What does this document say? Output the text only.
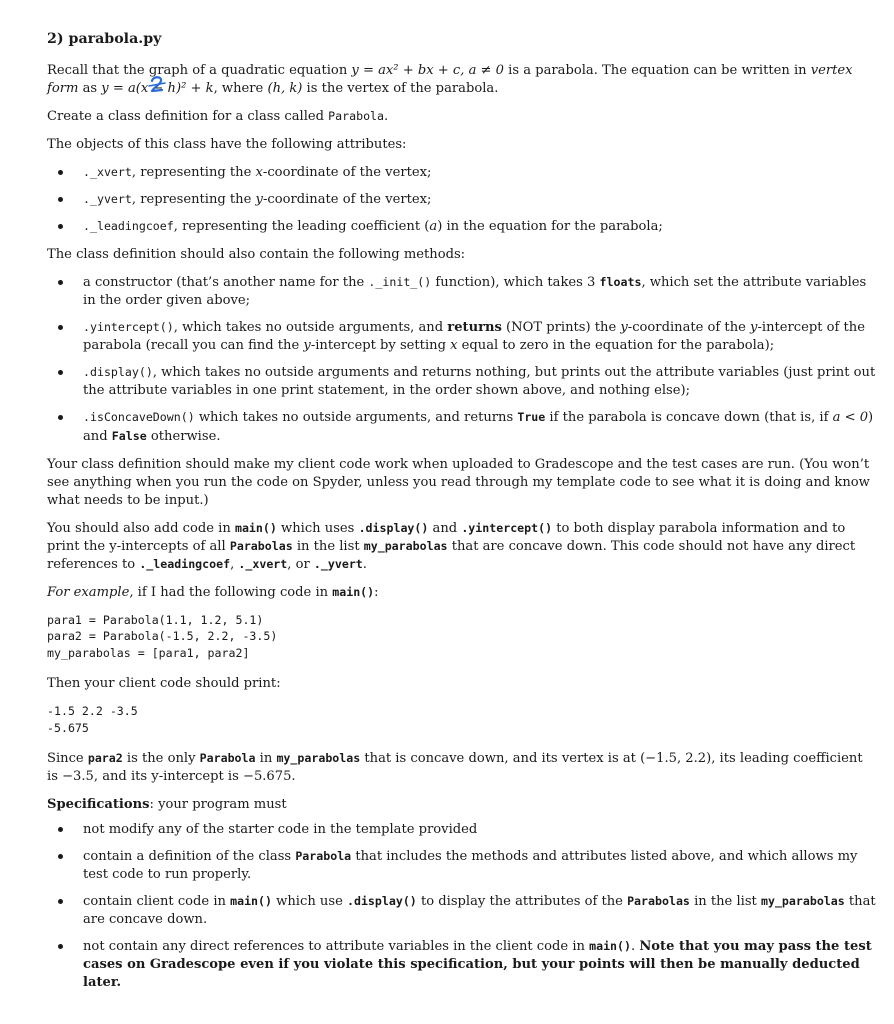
2) parabola.py

Recall that the graph of a quadratic equation y = ax² + bx + c, a ≠ 0 is a parabola. The equation can be written in vertex form as y = a(x − h)² + k, where (h, k) is the vertex of the parabola.

Create a class definition for a class called Parabola.

The objects of this class have the following attributes:

._xvert, representing the x-coordinate of the vertex;
._yvert, representing the y-coordinate of the vertex;
._leadingcoef, representing the leading coefficient (a) in the equation for the parabola;

The class definition should also contain the following methods:

a constructor (that’s another name for the ._init_() function), which takes 3 floats, which set the attribute variables in the order given above;
.yintercept(), which takes no outside arguments, and returns (NOT prints) the y-coordinate of the y-intercept of the parabola (recall you can find the y-intercept by setting x equal to zero in the equation for the parabola);
.display(), which takes no outside arguments and returns nothing, but prints out the attribute variables (just print out the attribute variables in one print statement, in the order shown above, and nothing else);
.isConcaveDown() which takes no outside arguments, and returns True if the parabola is concave down (that is, if a < 0) and False otherwise.

Your class definition should make my client code work when uploaded to Gradescope and the test cases are run. (You won’t see anything when you run the code on Spyder, unless you read through my template code to see what it is doing and know what needs to be input.)

You should also add code in main() which uses .display() and .yintercept() to both display parabola information and to print the y-intercepts of all Parabolas in the list my_parabolas that are concave down. This code should not have any direct references to ._leadingcoef, ._xvert, or ._yvert.

For example, if I had the following code in main():

para1 = Parabola(1.1, 1.2, 5.1)
para2 = Parabola(-1.5, 2.2, -3.5)
my_parabolas = [para1, para2]

Then your client code should print:

-1.5 2.2 -3.5
-5.675

Since para2 is the only Parabola in my_parabolas that is concave down, and its vertex is at (−1.5, 2.2), its leading coefficient is −3.5, and its y-intercept is −5.675.

Specifications: your program must

not modify any of the starter code in the template provided
contain a definition of the class Parabola that includes the methods and attributes listed above, and which allows my test code to run properly.
contain client code in main() which use .display() to display the attributes of the Parabolas in the list my_parabolas that are concave down.
not contain any direct references to attribute variables in the client code in main(). Note that you may pass the test cases on Gradescope even if you violate this specification, but your points will then be manually deducted later.
